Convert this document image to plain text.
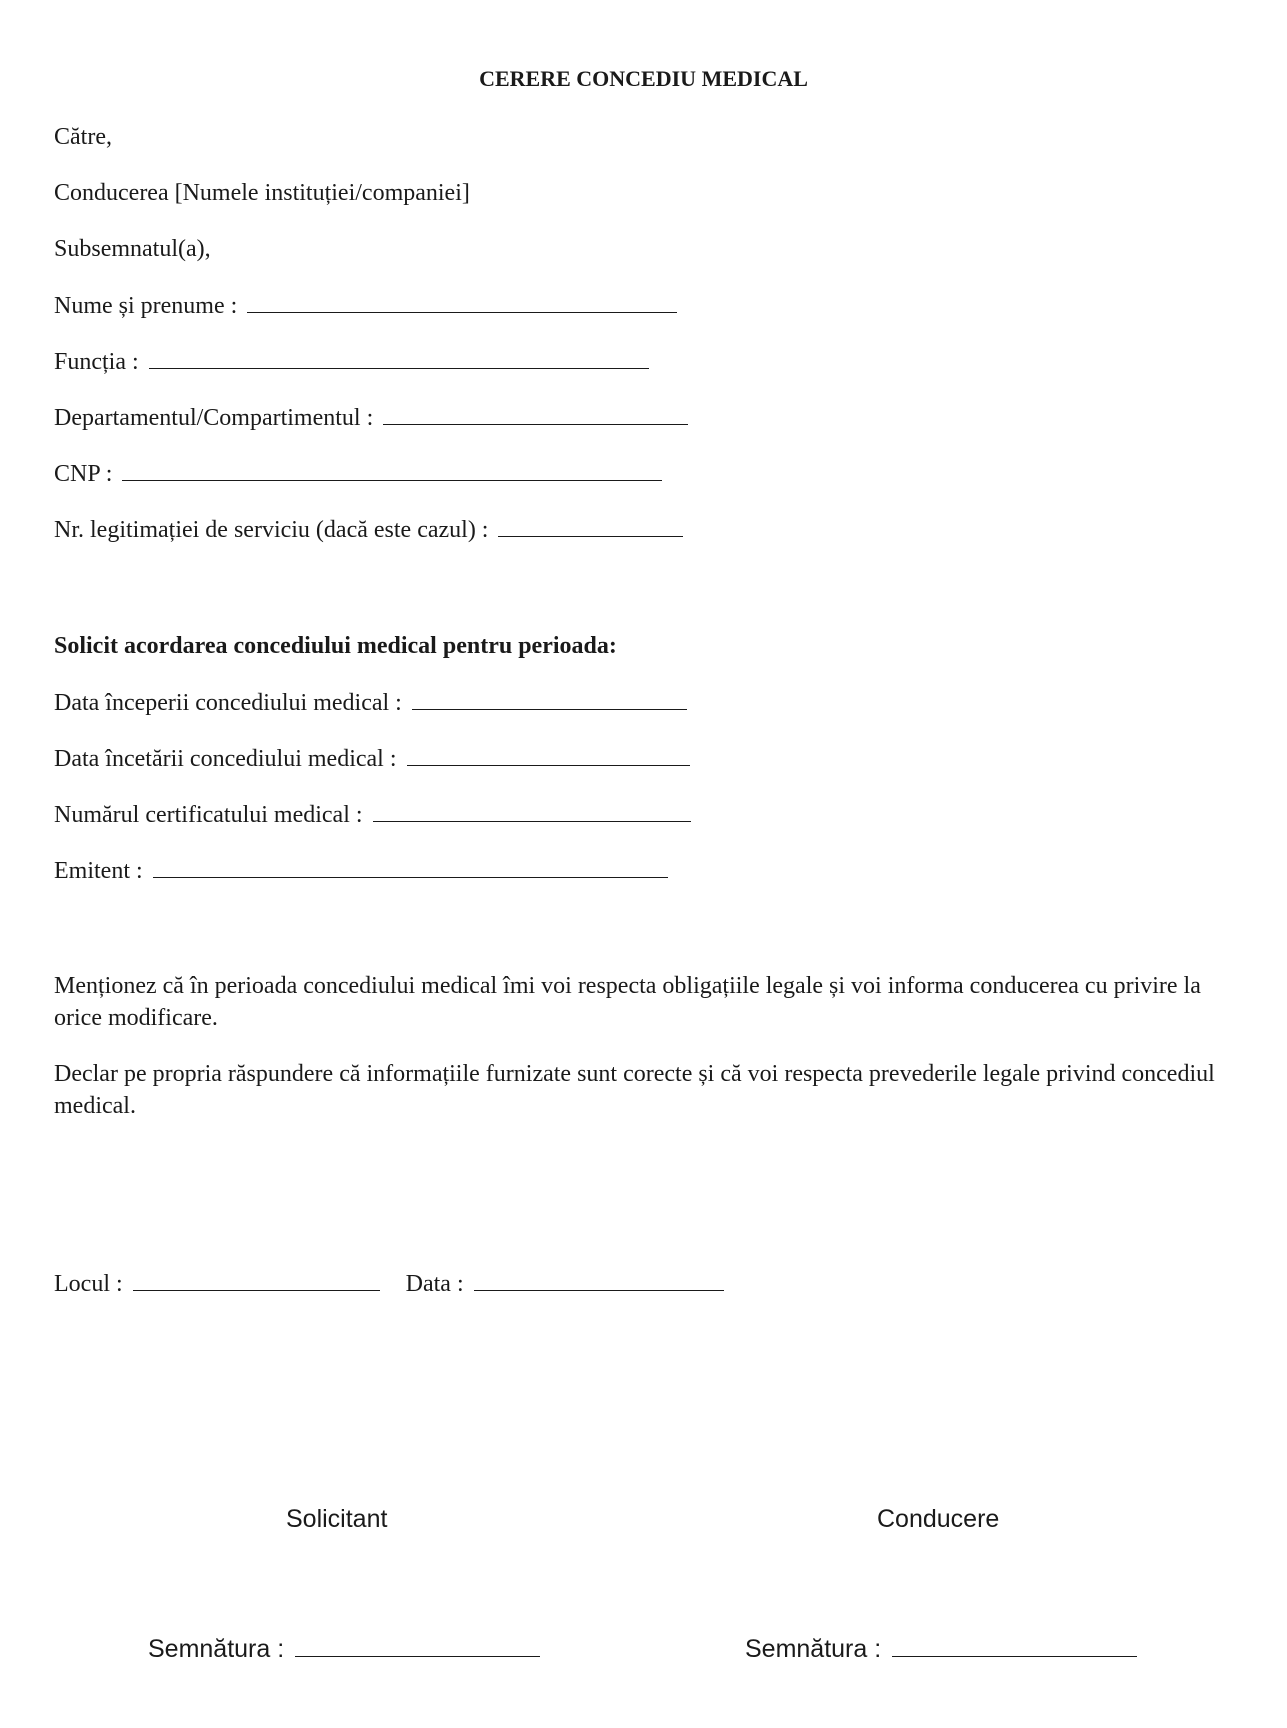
CERERE CONCEDIU MEDICAL
Către,
Conducerea [Numele instituției/companiei]
Subsemnatul(a),
Nume și prenume :
Funcția :
Departamentul/Compartimentul :
CNP :
Nr. legitimației de serviciu (dacă este cazul) :
Solicit acordarea concediului medical pentru perioada:
Data începerii concediului medical :
Data încetării concediului medical :
Numărul certificatului medical :
Emitent :
Menționez că în perioada concediului medical îmi voi respecta obligațiile legale și voi informa conducerea cu privire la orice modificare.
Declar pe propria răspundere că informațiile furnizate sunt corecte și că voi respecta prevederile legale privind concediul medical.
Locul :	Data :
Solicitant	Conducere
Semnătura :	Semnătura :
